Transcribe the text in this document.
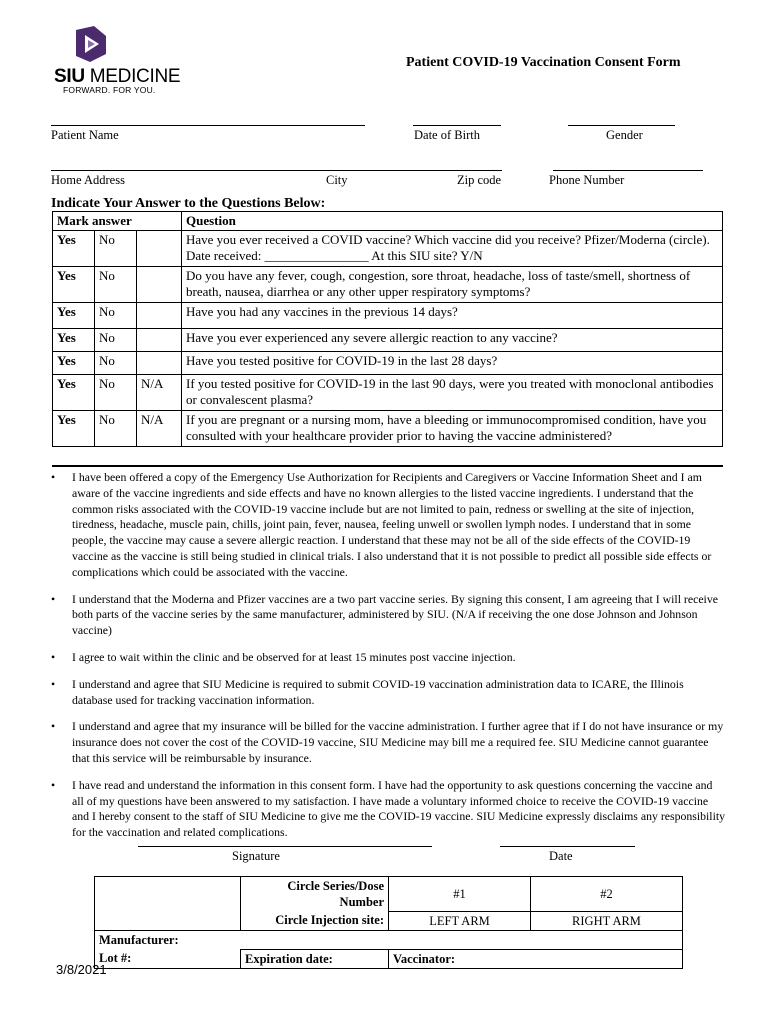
SIU MEDICINE
FORWARD. FOR YOU.
Patient COVID-19 Vaccination Consent Form
Patient Name	Date of Birth	Gender
Home Address	City	Zip code	Phone Number
Indicate Your Answer to the Questions Below:
Mark answer			Question
Yes	No		Have you ever received a COVID vaccine? Which vaccine did you receive? Pfizer/Moderna (circle). Date received: ________________ At this SIU site? Y/N
Yes	No		Do you have any fever, cough, congestion, sore throat, headache, loss of taste/smell, shortness of breath, nausea, diarrhea or any other upper respiratory symptoms?
Yes	No		Have you had any vaccines in the previous 14 days?
Yes	No		Have you ever experienced any severe allergic reaction to any vaccine?
Yes	No		Have you tested positive for COVID-19 in the last 28 days?
Yes	No	N/A	If you tested positive for COVID-19 in the last 90 days, were you treated with monoclonal antibodies or convalescent plasma?
Yes	No	N/A	If you are pregnant or a nursing mom, have a bleeding or immunocompromised condition, have you consulted with your healthcare provider prior to having the vaccine administered?
• I have been offered a copy of the Emergency Use Authorization for Recipients and Caregivers or Vaccine Information Sheet and I am aware of the vaccine ingredients and side effects and have no known allergies to the listed vaccine ingredients. I understand that the common risks associated with the COVID-19 vaccine include but are not limited to pain, redness or swelling at the site of injection, tiredness, headache, muscle pain, chills, joint pain, fever, nausea, feeling unwell or swollen lymph nodes. I understand that in some people, the vaccine may cause a severe allergic reaction. I understand that these may not be all of the side effects of the COVID-19 vaccine as the vaccine is still being studied in clinical trials. I also understand that it is not possible to predict all possible side effects or complications which could be associated with the vaccine.
• I understand that the Moderna and Pfizer vaccines are a two part vaccine series. By signing this consent, I am agreeing that I will receive both parts of the vaccine series by the same manufacturer, administered by SIU. (N/A if receiving the one dose Johnson and Johnson vaccine)
• I agree to wait within the clinic and be observed for at least 15 minutes post vaccine injection.
• I understand and agree that SIU Medicine is required to submit COVID-19 vaccination administration data to ICARE, the Illinois database used for tracking vaccination information.
• I understand and agree that my insurance will be billed for the vaccine administration. I further agree that if I do not have insurance or my insurance does not cover the cost of the COVID-19 vaccine, SIU Medicine may bill me a required fee. SIU Medicine cannot guarantee that this service will be reimbursable by insurance.
• I have read and understand the information in this consent form. I have had the opportunity to ask questions concerning the vaccine and all of my questions have been answered to my satisfaction. I have made a voluntary informed choice to receive the COVID-19 vaccine and I hereby consent to the staff of SIU Medicine to give me the COVID-19 vaccine. SIU Medicine expressly disclaims any responsibility for the vaccination and related complications.
Signature	Date
	Circle Series/Dose Number	#1	#2
	Circle Injection site:	LEFT ARM	RIGHT ARM
Manufacturer:			
Lot #:	Expiration date:	Vaccinator:	
3/8/2021
